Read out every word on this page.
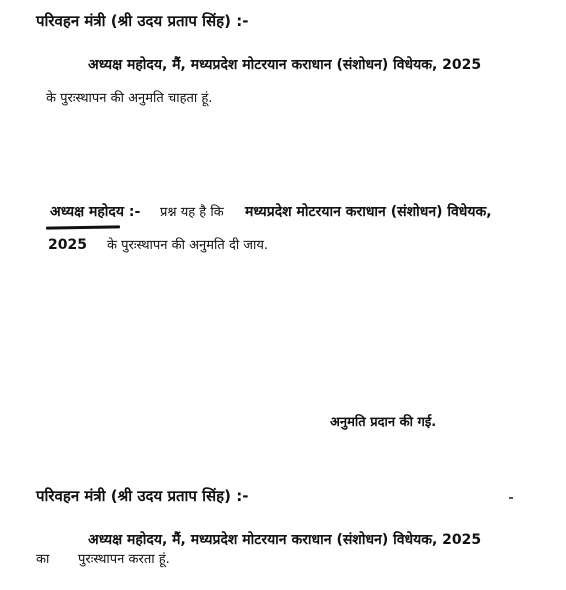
परिवहन मंत्री (श्री उदय प्रताप सिंह) :-
अध्यक्ष महोदय, मैं, मध्यप्रदेश मोटरयान कराधान (संशोधन) विधेयक, 2025
के पुरःस्थापन की अनुमति चाहता हूं.
अध्यक्ष महोदय :- प्रश्न यह है कि मध्यप्रदेश मोटरयान कराधान (संशोधन) विधेयक,
2025 के पुरःस्थापन की अनुमति दी जाय.
अनुमति प्रदान की गई.
परिवहन मंत्री (श्री उदय प्रताप सिंह) :-
अध्यक्ष महोदय, मैं, मध्यप्रदेश मोटरयान कराधान (संशोधन) विधेयक, 2025
का पुरःस्थापन करता हूं.
